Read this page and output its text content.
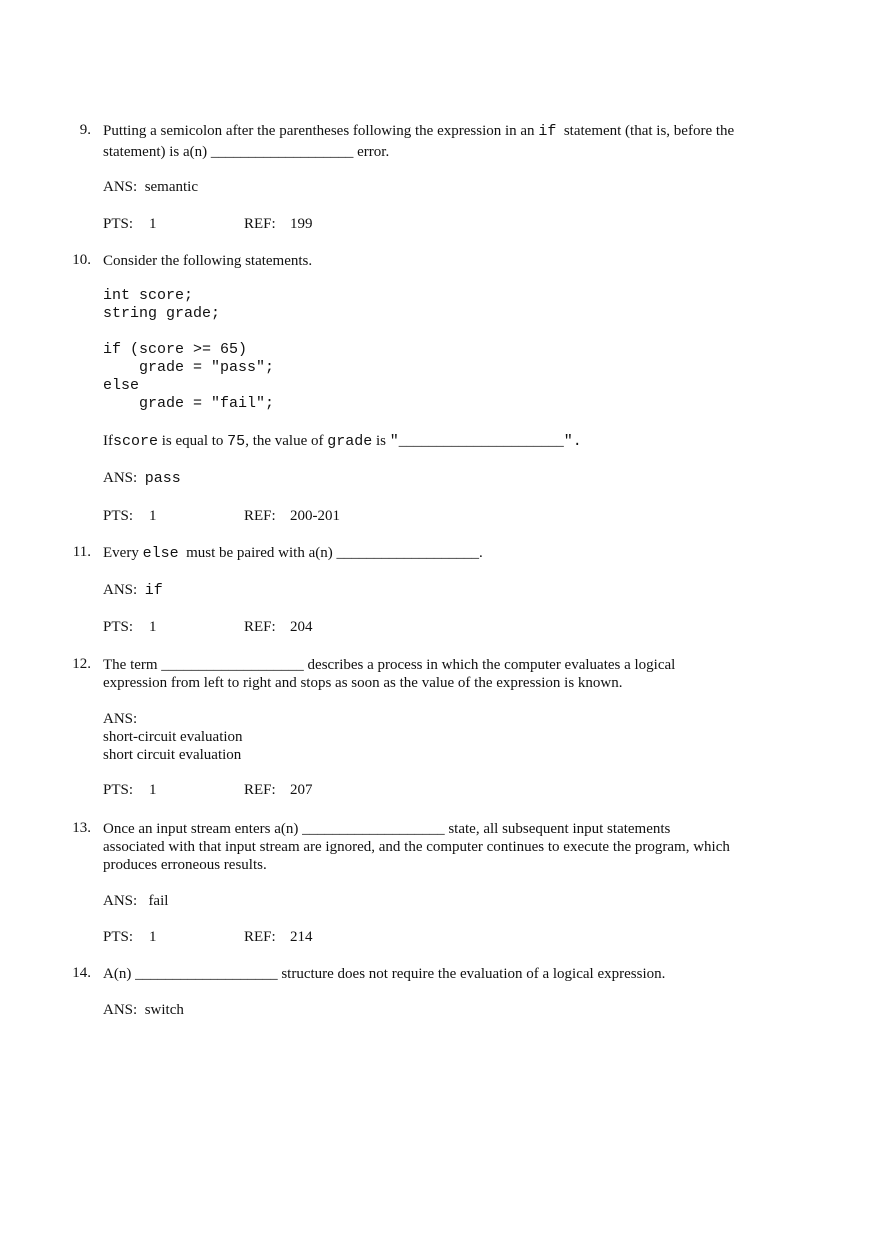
9. Putting a semicolon after the parentheses following the expression in an if statement (that is, before the
statement) is a(n) ___________________ error.
ANS: semantic
PTS: 1	REF: 199
10. Consider the following statements.
int score;
string grade;
if (score >= 65)
grade = "pass";
else
grade = "fail";
Ifscore is equal to 75, the value of grade is "______________________".
ANS: pass
PTS: 1	REF: 200-201
11. Every else must be paired with a(n) ___________________.
ANS: if
PTS: 1	REF: 204
12. The term ___________________ describes a process in which the computer evaluates a logical
expression from left to right and stops as soon as the value of the expression is known.
ANS:
short-circuit evaluation
short circuit evaluation
PTS: 1	REF: 207
13. Once an input stream enters a(n) ___________________ state, all subsequent input statements
associated with that input stream are ignored, and the computer continues to execute the program, which
produces erroneous results.
ANS: fail
PTS: 1	REF: 214
14. A(n) ___________________ structure does not require the evaluation of a logical expression.
ANS: switch
